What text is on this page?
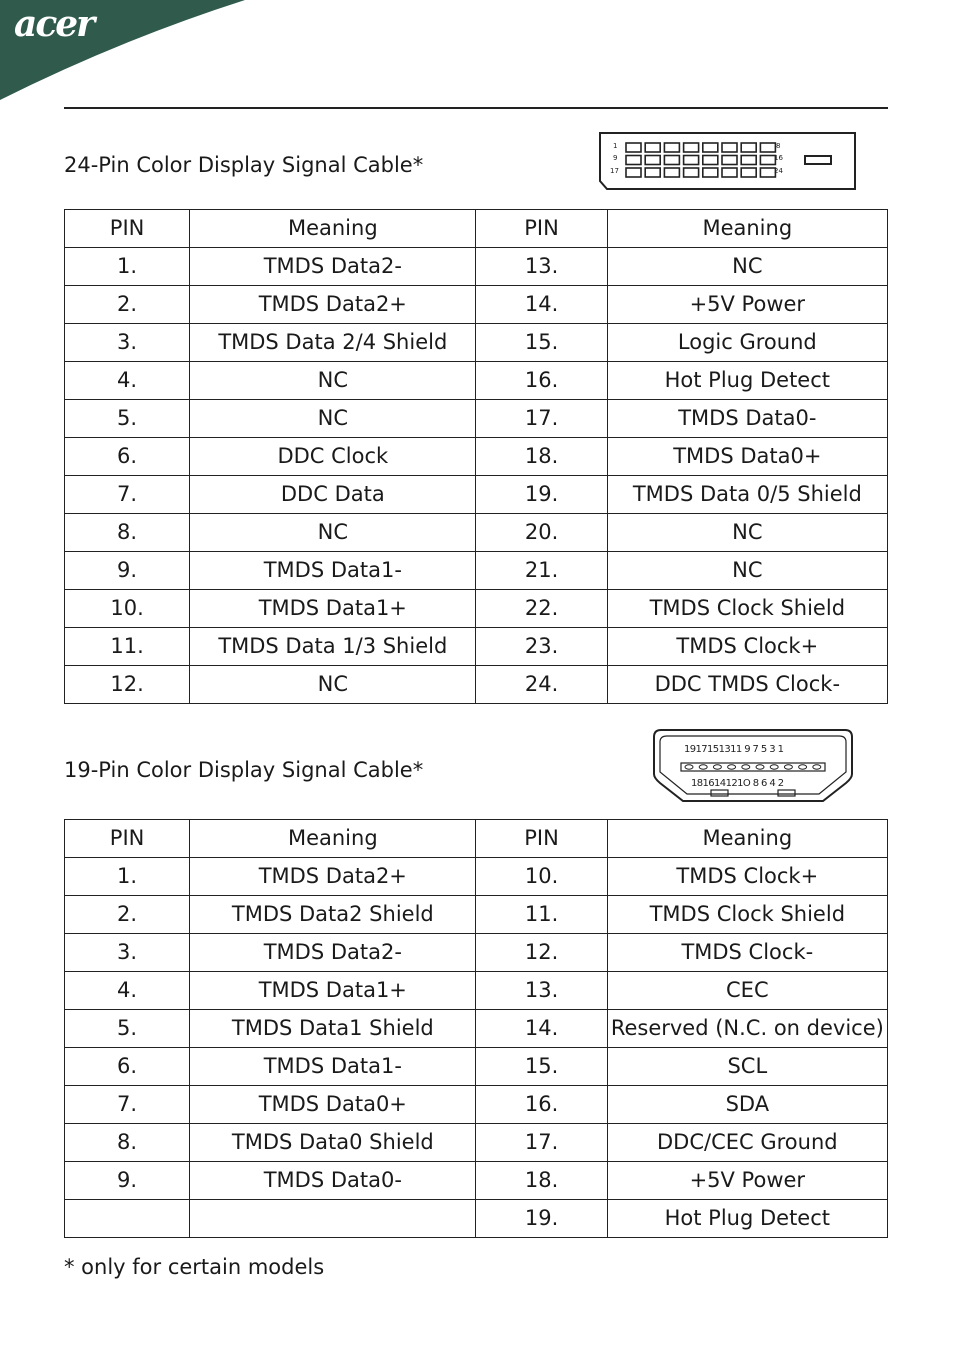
acer
24-Pin Color Display Signal Cable*
1
9
17
8
16
24
PIN	Meaning	PIN	Meaning
1.	TMDS Data2-	13.	NC
2.	TMDS Data2+	14.	+5V Power
3.	TMDS Data 2/4 Shield	15.	Logic Ground
4.	NC	16.	Hot Plug Detect
5.	NC	17.	TMDS Data0-
6.	DDC Clock	18.	TMDS Data0+
7.	DDC Data	19.	TMDS Data 0/5 Shield
8.	NC	20.	NC
9.	TMDS Data1-	21.	NC
10.	TMDS Data1+	22.	TMDS Clock Shield
11.	TMDS Data 1/3 Shield	23.	TMDS Clock+
12.	NC	24.	DDC TMDS Clock-
19-Pin Color Display Signal Cable*
1917151311 9 7 5 3 1
181614121O 8 6 4 2
PIN	Meaning	PIN	Meaning
1.	TMDS Data2+	10.	TMDS Clock+
2.	TMDS Data2 Shield	11.	TMDS Clock Shield
3.	TMDS Data2-	12.	TMDS Clock-
4.	TMDS Data1+	13.	CEC
5.	TMDS Data1 Shield	14.	Reserved (N.C. on device)
6.	TMDS Data1-	15.	SCL
7.	TMDS Data0+	16.	SDA
8.	TMDS Data0 Shield	17.	DDC/CEC Ground
9.	TMDS Data0-	18.	+5V Power
		19.	Hot Plug Detect
* only for certain models
